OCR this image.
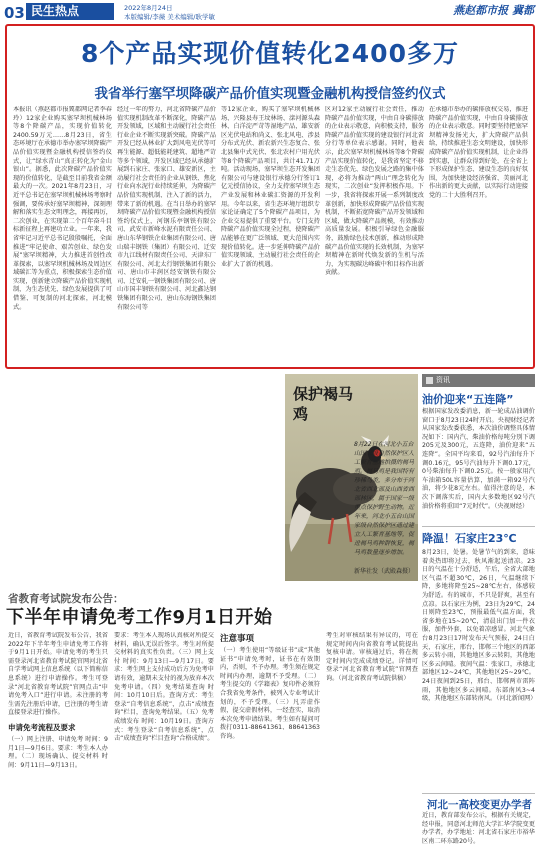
03 民生热点	2022年8月24日
本版编辑/李薇 美术编辑/耿学敏	燕赵都市报 冀都
8个产品实现价值转化2400多万
我省举行塞罕坝降碳产品价值实现暨金融机构授信签约仪式
本报讯（燕赵都市报冀都网记者李春玲）12家企业购买塞罕坝机械林场等8个降碳产品，实现价值转化2400.59万元……8月23日，省生态环境厅在承德市举办塞罕坝降碳产品价值实现暨金融机构授信签约仪式，让“绿水青山”真正转化为“金山银山”。据悉，此次降碳产品价值实现的价值转化，是截至目前我省金额最大的一次。2021年8月23日，习近平总书记在塞罕坝机械林场考察时强调，要传承好塞罕坝精神，深刻理解和落实生态文明理念，再接再厉，二次创业，在实现第二个百年奋斗目标新征程上再建功立业。一年来，我省牢记习近平总书记殷殷嘱托，全面推进“牢记使命、艰苦创业、绿色发展”塞罕坝精神，大力推进首创性改革探索，以塞罕坝机械林场及周边区域碳汇等为重点，积极探索生态价值实现，创新建立降碳产品价值实现机制，为生态优先、绿色发展提供了可借鉴、可复制的河北探索，河北模式。
经过一年的努力，河北省降碳产品价值实现机制改革不断深化，降碳产品开发领域，区域和主动履行社会责任行业企业不断实现新突破。降碳产品开发已经从林业扩大到风电光伏等可再生能源、超低能耗建筑、超地严苛等多个领域，开发区域已经从承德扩展到石家庄、张家口、雄安新区，主动履行社会责任的企业从钢铁、焦化行业向水泥行业持续延伸，为降碳产品价值实现机制、注入了新的活力，带来了新的机遇。在当日举办的塞罕坝降碳产品价值实现暨金融机构授信签约仪式上，河钢乐亭钢铁有限公司、武安市新峰水泥有限责任公司、唐山东华钢铁企业集团有限公司、唐山瑞丰钢铁（集团）有限公司、迁安市九江线材有限责任公司、天津东厂有限公司、河北太行钢铁集团有限公司、唐山市丰润区经安钢铁有限公司、迁安轧一钢铁集团有限公司、唐山市国丰钢铁有限公司、河北鑫达钢铁集团有限公司、唐山东海钢铁集团有限公司等
等12家企业，购买了塞罕坝机械林场、兴隆县寿王坟林场、滦河源头森林、白洋淀严苛等湿地产品，雄安新区光伏电站和尚义、张北风电、涉县分布式光伏、新农新兴生态复合、张北县集中式光伏、张北农村户用光伏等8个降碳产品项目，共计41.71万吨。活动现场，塞罕坝生态开发集团有限公司与建设银行承德分行签订1亿元授信协议，全力支持塞罕坝生态产业发展和林业碳汇资源的开发利用。今年以来，省生态环境厅组织专家论证确定了5个降碳产品项目，为企业交易提供了重要平台。专门支持降碳产品价值实现全过程，使降碳产品能够在更广泛领域、更大范围内实现价值转化。进一步延伸降碳产品价值实现领域、主动履行社会责任的企业扩大了新的机遇。
区对12家主动履行社会责任，推动降碳产品价值实现，中由自身碳排放的企业表示敬意，向积极支持，服务降碳产品价值实现的建设银行河北省分行等单位表示感谢。同时，他表示，此次塞罕坝机械林场等8个降碳产品实现价值转化，是我省坚定不移走生态优先、绿色发展之路的集中体现，必将为推动“两山”理念转化为现实，二次创业“发挥积极作用。下一步，我省将探索开展一系列制度改革创新，加快形成降碳产品价值实现机制，不断拓宽降碳产品开发领域和区域，做大降碳产品规模，有效推动高质量发展。积极引导绿色金融服务，鼓励绿色技术创新，推动形成降碳产品价值实现的长效机制，为塞罕坝精神在新时代焕发新的生机与活力，为实现碳达峰碳中和目标作出新贡献。
在承德市举办的碳排放权交易，推进降碳产品价值实现，中由自身碳排放的企业表示敬意。同时要坚持把塞罕坝精神发扬光大，扩大降碳产品供给，持续推进生态文明建设，加快形成降碳产品价值实现机制，让企业得到实惠，让群众得到好处，在全省上下形成保护生态、建设生态的良好氛围，为加快建设经济强省、美丽河北作出新的更大贡献，以实际行动迎接党的二十大胜利召开。
资讯
油价迎来“五连降”
根据国家发改委消息，新一轮成品油调价窗口于8月23日24时开启。央视财经记者从国家发改委获悉，本次油价调整具体情况如下：国内汽、柴油价格每吨分别下调205元及300元，五连降，油价迎来“五连降”。全国平均来看，92号汽油每升下调0.16元，95号汽油每升下调0.17元，0号柴油每升下调0.25元。按一般家用汽车油箱50L容量估算，加满一箱92号汽油，将少花8元左右。值得注意的是，本次下调落实后，国内大多数地区92号汽油价格将重回“7元时代”。（央视财经）
降温！石家庄23℃
8月23日，处暑。处暑节气的到来，意味着炎热即将过去，秋风渐起送清凉。23日的气温在十分舒适，午后，全省大部地区气温不超30℃，26日，气温继续下降，多地将降至25~28℃左右，体感较为舒适。有的城市，不只是舒爽，甚至有点凉。以石家庄为例，23日为29℃，24日则降至23℃，预报最低气温方面，我省多地在15~20℃，清晨出门加一件衣服，加件外套，以免着凉感冒。河北气象台8月23日17时发布天气预报，24日白天，石家庄，邢台，邯郸三个地区的西部多云转小雨，其他地区多云转阴，其他地区多云间晴。夜间气温：张家口，承德北部地区12~24℃，其他地区25~29℃。24日夜间到25日，邢台、邯郸两市雷阵雨，其他地区多云间晴。东部南风3~4级，其他地区东部转南风。（河北新闻网）
河北一高校变更办学者
近日，教育部发布公示，根据有关规定，经申报，同意河北师范大学汇华学院变更办学者，办学地址：河北省石家庄市裕华区南二环东路20号。
保护褐马鸡
8月22日在河北小五台山国家级自然保护区人工繁育基地拍摄的褐马鸡。褐马鸡是我国特有珍稀鸟类，多分布于河北省西北部及山西省西部林区，属于国家一级重点保护野生动物。近年来，河北小五台山国家级自然保护区通过建立人工繁育基地等，促进褐马鸡种群恢复，褐马鸡数量逐步增加。
新华社发（武殿森摄）
省教育考试院发布公告：
下半年申请免考工作9月1日开始
近日，省教育考试院发布公告，我省2022年下半年考生申请免考工作将于9月1日开始。申请免考的考生只需登录河北省教育考试院官网河北省自学考试网上信息系统（以下简称信息系统）进行申请操作。考生可登录“河北省教育考试院”官网点击“申请免考入口”进行申请。未注册的考生需先注册后申请，已注册的考生请直接登录进行操作。
申请免考流程及要求
（一）网上注册、申请免考 时间：9月1日—9月6日。要求：考生本人办理。（二）现场确认、提交材料 时间：9月11日—9月13日。
要求：考生本人现场认真核对所提交材料，确认无误后签字。考生对所提交材料的真实性负责。（三）网上支付 时间：9月13日—9月17日。要求：考生网上支付成功后方为免考申请有效，逾期未支付的视为放弃本次免考申请。（四）免考结果查询 时间：10月10日后。查询方式：考生登录“自考信息系统”，点击“成绩查询”栏目，查询免考结果。（五）免考成绩发布 时间：10月19日。查询方式：考生登录“自考信息系统”，点击“成绩查询”栏目查询“合格成绩”。
注意事项
（一）考生使用“等级证书”或“其他证书”申请免考时，证书在有效期内，否则，不予办理。考生须在规定时间内办理，逾期不予受理。（二）考生提交的《学籍表》复印件必须符合我省免考条件，被列入专业考试计划的，不予受理。（三）凡弄虚作假，提交虚假材料，一经查实，取消本次免考申请结果。考生如有疑问可拨打0311-88641361、88641363 咨询。
考生对审核结果有异议的，可在规定时间内向省教育考试院提出复核申请。审核通过后，将在规定时间内完成成绩登记。详情可登录“河北省教育考试院”官网查询。（河北省教育考试院供稿）
